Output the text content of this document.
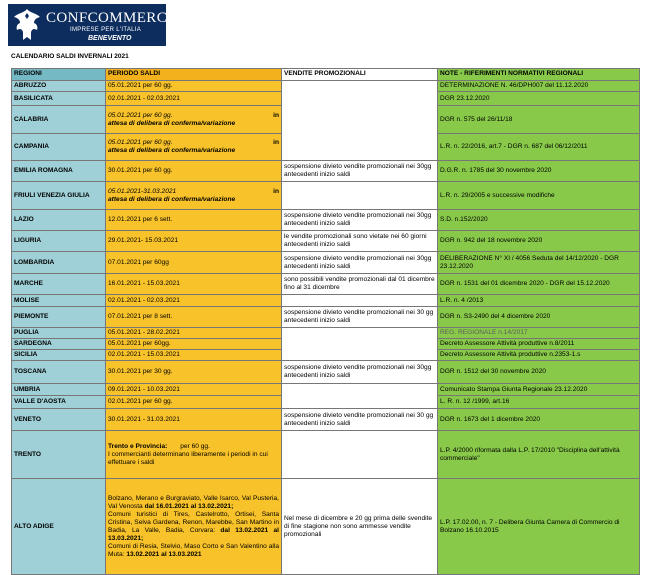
CONFCOMMERCIO
IMPRESE PER L'ITALIA
BENEVENTO
CALENDARIO SALDI INVERNALI 2021
REGIONI	PERIODO SALDI	VENDITE PROMOZIONALI	NOTE - RIFERIMENTI NORMATIVI REGIONALI
ABRUZZO	05.01.2021 per 60 gg.		DETERMINAZIONE N. 46/DPH007 del 11.12.2020
BASILICATA	02.01.2021 - 02.03.2021		DGR 23.12.2020
CALABRIA	05.01.2021 per 60 gg. in

attesa di delibera di conferma/variazione		DGR n. 575 del 26/11/18
CAMPANIA	05.01.2021 per 60 gg. in

attesa di delibera di conferma/variazione		L.R. n. 22/2016, art.7 - DGR n. 687 del 06/12/2011
EMILIA ROMAGNA	30.01.2021 per 60 gg.	sospensione divieto vendite promozionali nei 30gg antecedenti inizio saldi	D.G.R. n. 1785 del 30 novembre 2020
FRIULI VENEZIA GIULIA	05.01.2021-31.03.2021 in

attesa di delibera di conferma/variazione		L.R. n. 29/2005 e successive modifiche
LAZIO	12.01.2021 per 6 sett.	sospensione divieto vendite promozionali nei 30gg antecedenti inizio saldi	S.D. n.152/2020
LIGURIA	29.01.2021- 15.03.2021	le vendite promozionali sono vietate nei 60 giorni antecedenti inizio saldi	DGR n. 942 del 18 novembre 2020
LOMBARDIA	07.01.2021 per 60gg	sospensione divieto vendite promozionali nei 30gg antecedenti inizio saldi	DELIBERAZIONE N° XI / 4056 Seduta del 14/12/2020 - DGR 23.12.2020
MARCHE	16.01.2021 - 15.03.2021	sono possibili vendite promozionali dal 01 dicembre fino al 31 dicembre	DGR n. 1531 del 01 dicembre 2020 - DGR del 15.12.2020
MOLISE	02.01.2021 - 02.03.2021		L.R. n. 4 /2013
PIEMONTE	07.01.2021 per 8 sett.	sospensione divieto vendite promozionali nei 30 gg antecedenti inizio saldi	DGR n. S3-2490 del 4 dicembre 2020
PUGLIA	05.01.2021 - 28.02.2021		REG. REGIONALE n.14/2017
SARDEGNA	05.01.2021 per 60gg.		Decreto Assessore Attività produttive n.8/2011
SICILIA	02.01.2021 - 15.03.2021		Decreto Assessore Attività produttive n.2353-1.s
TOSCANA	30.01.2021 per 30 gg.	sospensione divieto vendite promozionali nei 30gg antecedenti inizio saldi	DGR n. 1512 del 30 novembre 2020
UMBRIA	09.01.2021 - 10.03.2021		Comunicato Stampa Giunta Regionale 23.12.2020
VALLE D'AOSTA	02.01.2021 per 60 gg.		L. R. n. 12 /1999, art.16
VENETO	30.01.2021 - 31.03.2021	sospensione divieto vendite promozionali nei 30 gg antecedenti inizio saldi	DGR n. 1673 del 1 dicembre 2020
TRENTO	Trento e Provincia: per 60 gg.
I commercianti determinano liberamente i periodi in cui effettuare i saldi		L.P. 4/2000 riformata dalla L.P. 17/2010 "Disciplina dell'attività commerciale"
ALTO ADIGE	Bolzano, Merano e Burgraviato, Valle Isarco, Val Pusteria, Val Venosta dal 16.01.2021 al 13.02.2021;
Comuni turistici di Tires, Castelrotto, Ortisei, Santa Cristina, Selva Gardena, Renon, Marebbe, San Martino in Badia, La Valle, Badia, Corvara: dal 13.02.2021 al 13.03.2021;
Comuni di Resia, Stelvio, Maso Corto e San Valentino alla Muta: 13.02.2021 al 13.03.2021	Nel mese di dicembre e 20 gg prima delle svendite di fine stagione non sono ammesse vendite promozionali	L.P. 17.02.00, n. 7 - Delibera Giunta Camera di Commercio di Bolzano 16.10.2015
